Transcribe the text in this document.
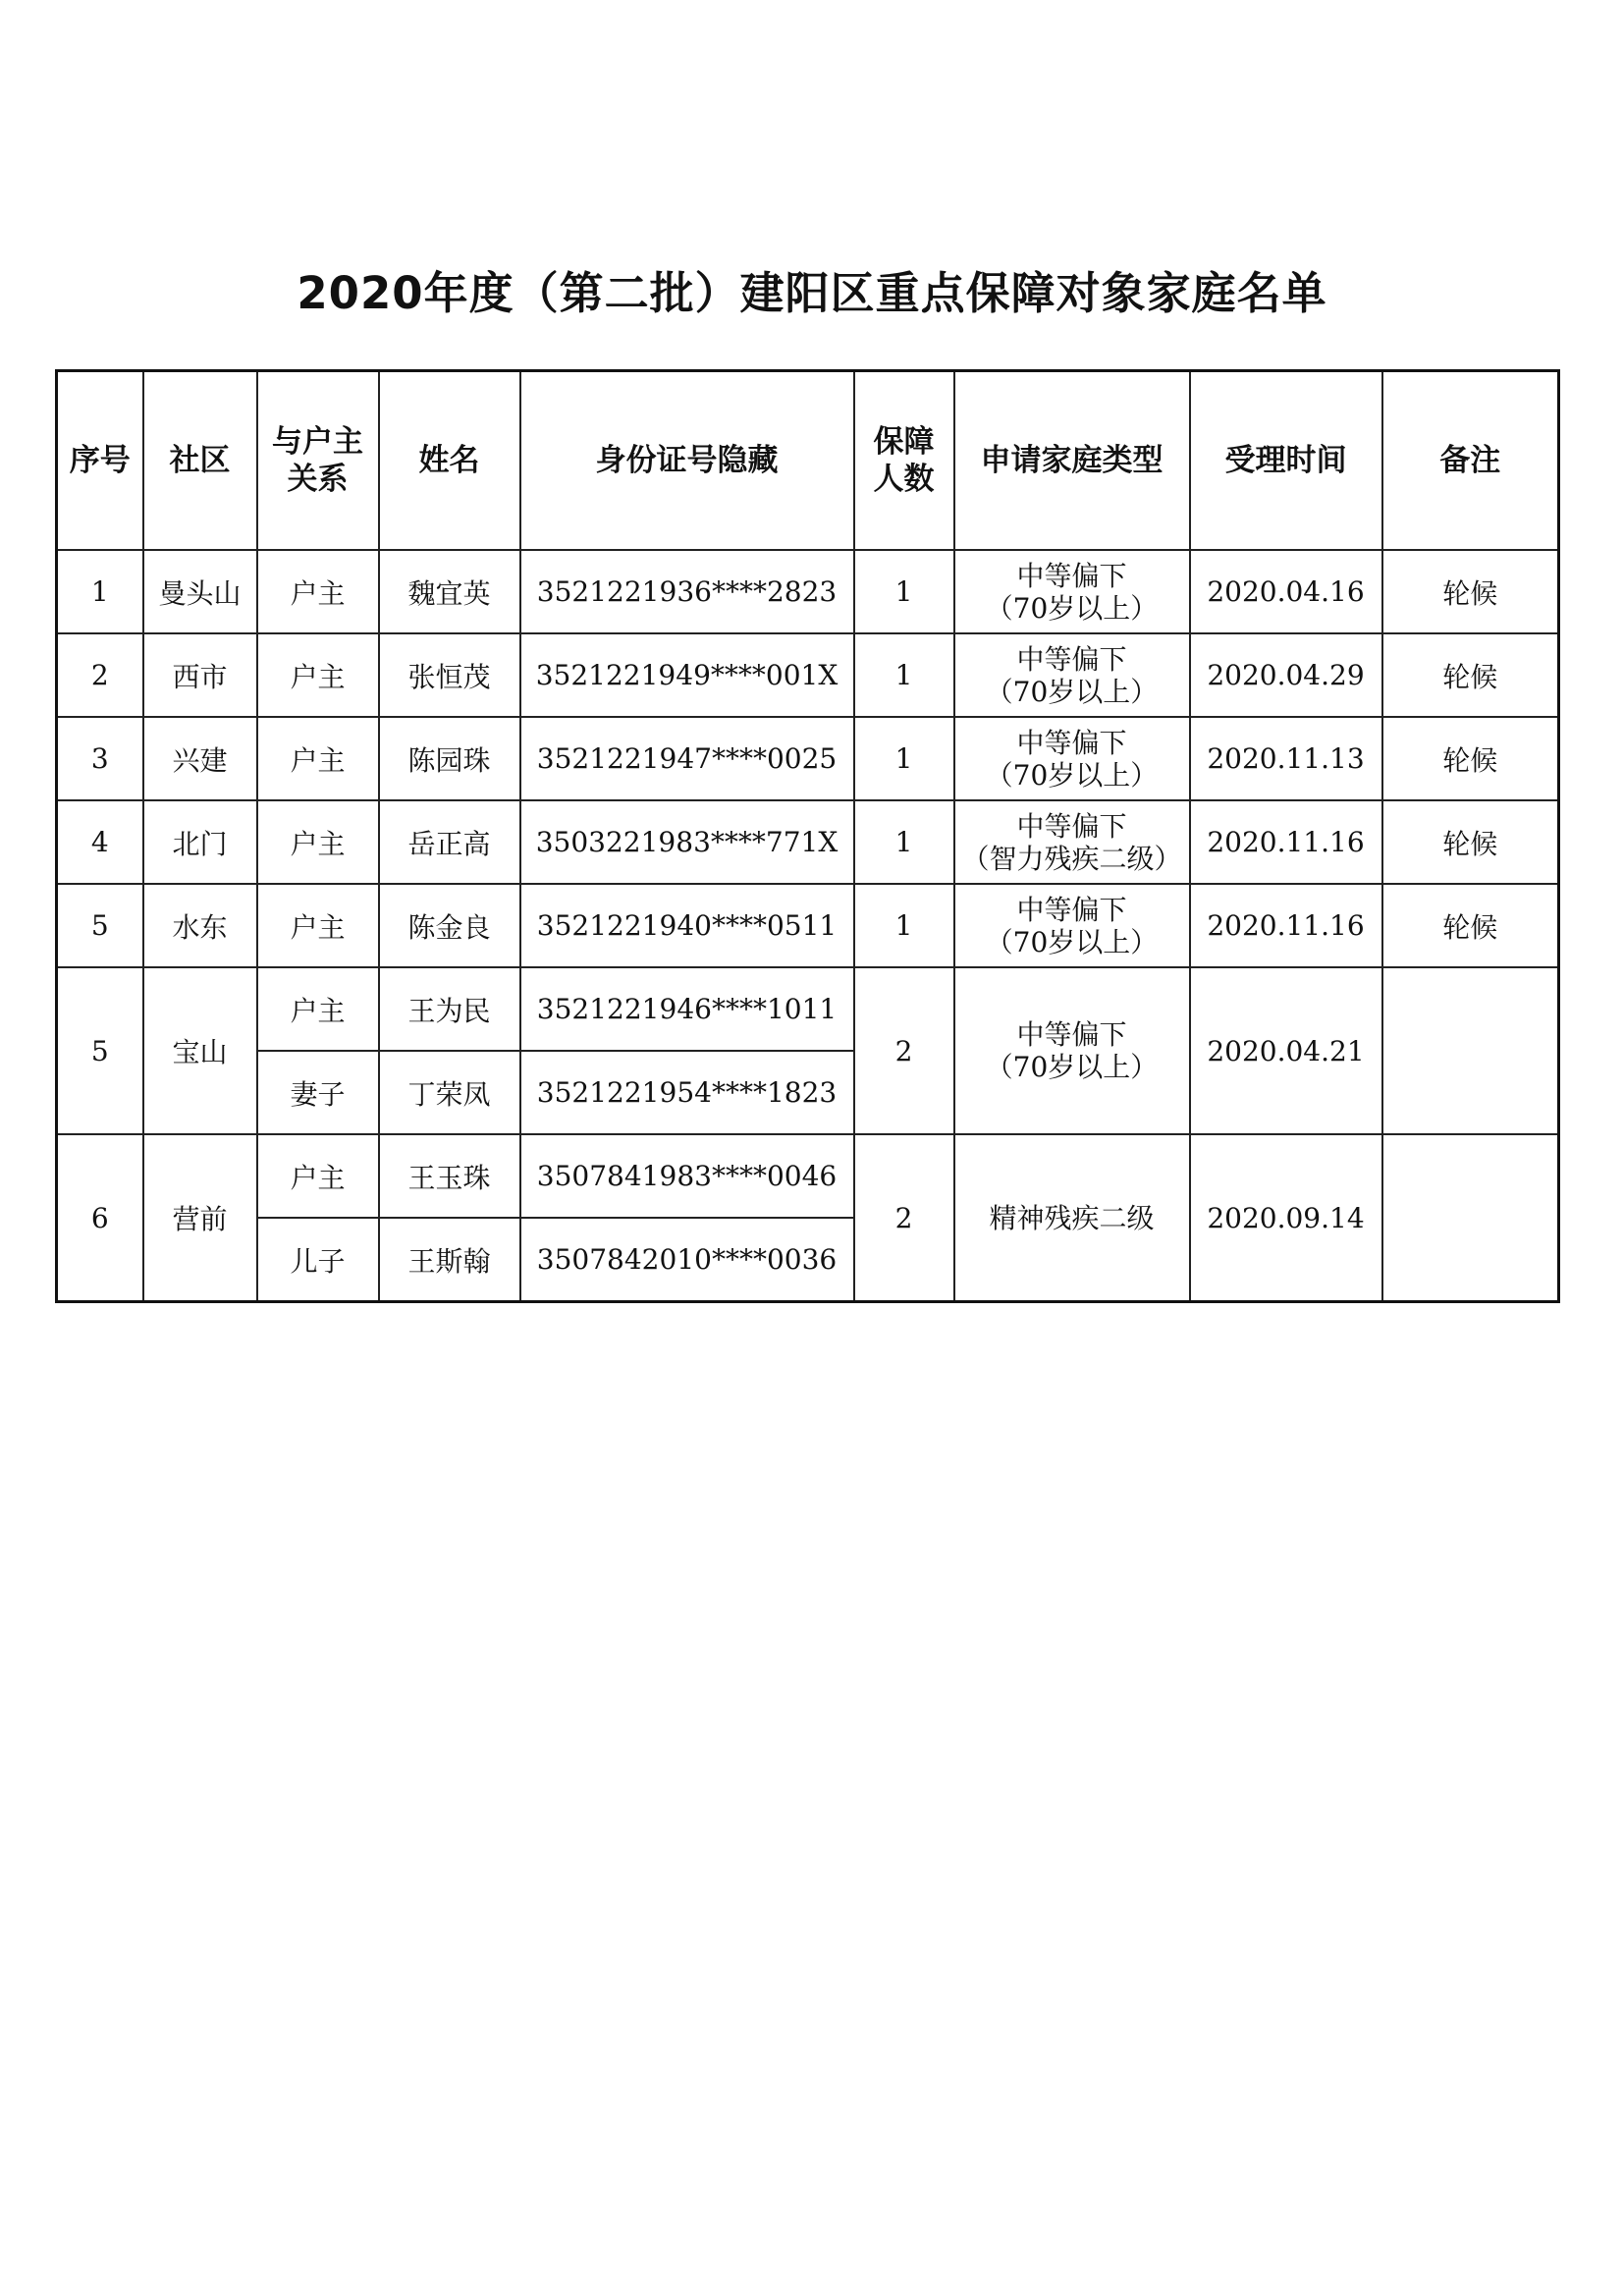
2020年度（第二批）建阳区重点保障对象家庭名单
序号	社区	与户主
关系	姓名	身份证号隐藏	保障
人数	申请家庭类型	受理时间	备注
1	曼头山	户主	魏宜英	3521221936****2823	1	中等偏下
（70岁以上）	2020.04.16	轮候
2	西市	户主	张恒茂	3521221949****001X	1	中等偏下
（70岁以上）	2020.04.29	轮候
3	兴建	户主	陈园珠	3521221947****0025	1	中等偏下
（70岁以上）	2020.11.13	轮候
4	北门	户主	岳正高	3503221983****771X	1	中等偏下
（智力残疾二级）	2020.11.16	轮候
5	水东	户主	陈金良	3521221940****0511	1	中等偏下
（70岁以上）	2020.11.16	轮候
5	宝山	户主	王为民	3521221946****1011	2	中等偏下
（70岁以上）	2020.04.21	
		妻子	丁荣凤	3521221954****1823				
6	营前	户主	王玉珠	3507841983****0046	2	精神残疾二级	2020.09.14	
		儿子	王斯翰	3507842010****0036				
